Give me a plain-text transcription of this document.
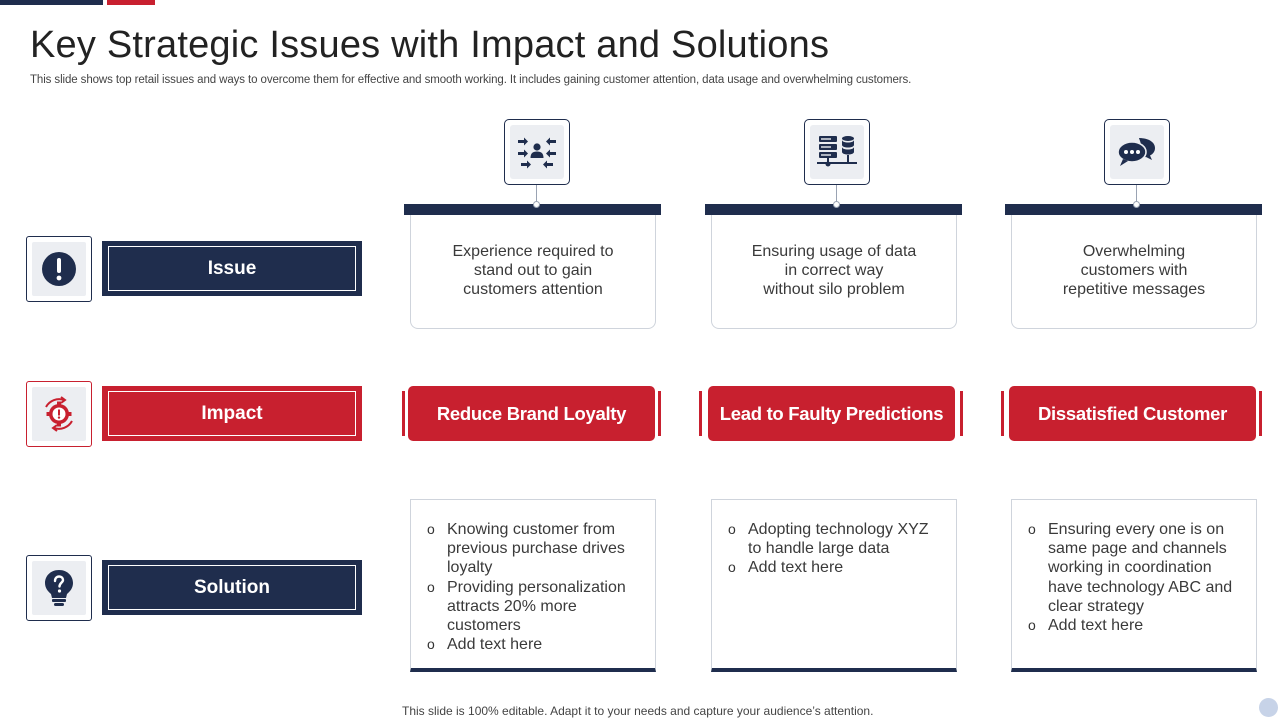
Key Strategic Issues with Impact and Solutions

This slide shows top retail issues and ways to overcome them for effective and smooth working. It includes gaining customer attention, data usage and overwhelming customers.

Issue
Impact
Solution

Experience required to
stand out to gain
customers attention

Reduce Brand Loyalty
o Knowing customer from previous purchase drives loyalty
o Providing personalization attracts 20% more customers
o Add text here

Ensuring usage of data
in correct way
without silo problem

Lead to Faulty Predictions
o Adopting technology XYZ to handle large data
o Add text here

Overwhelming
customers with
repetitive messages

Dissatisfied Customer
o Ensuring every one is on same page and channels working in coordination have technology ABC and clear strategy
o Add text here

This slide is 100% editable. Adapt it to your needs and capture your audience’s attention.
